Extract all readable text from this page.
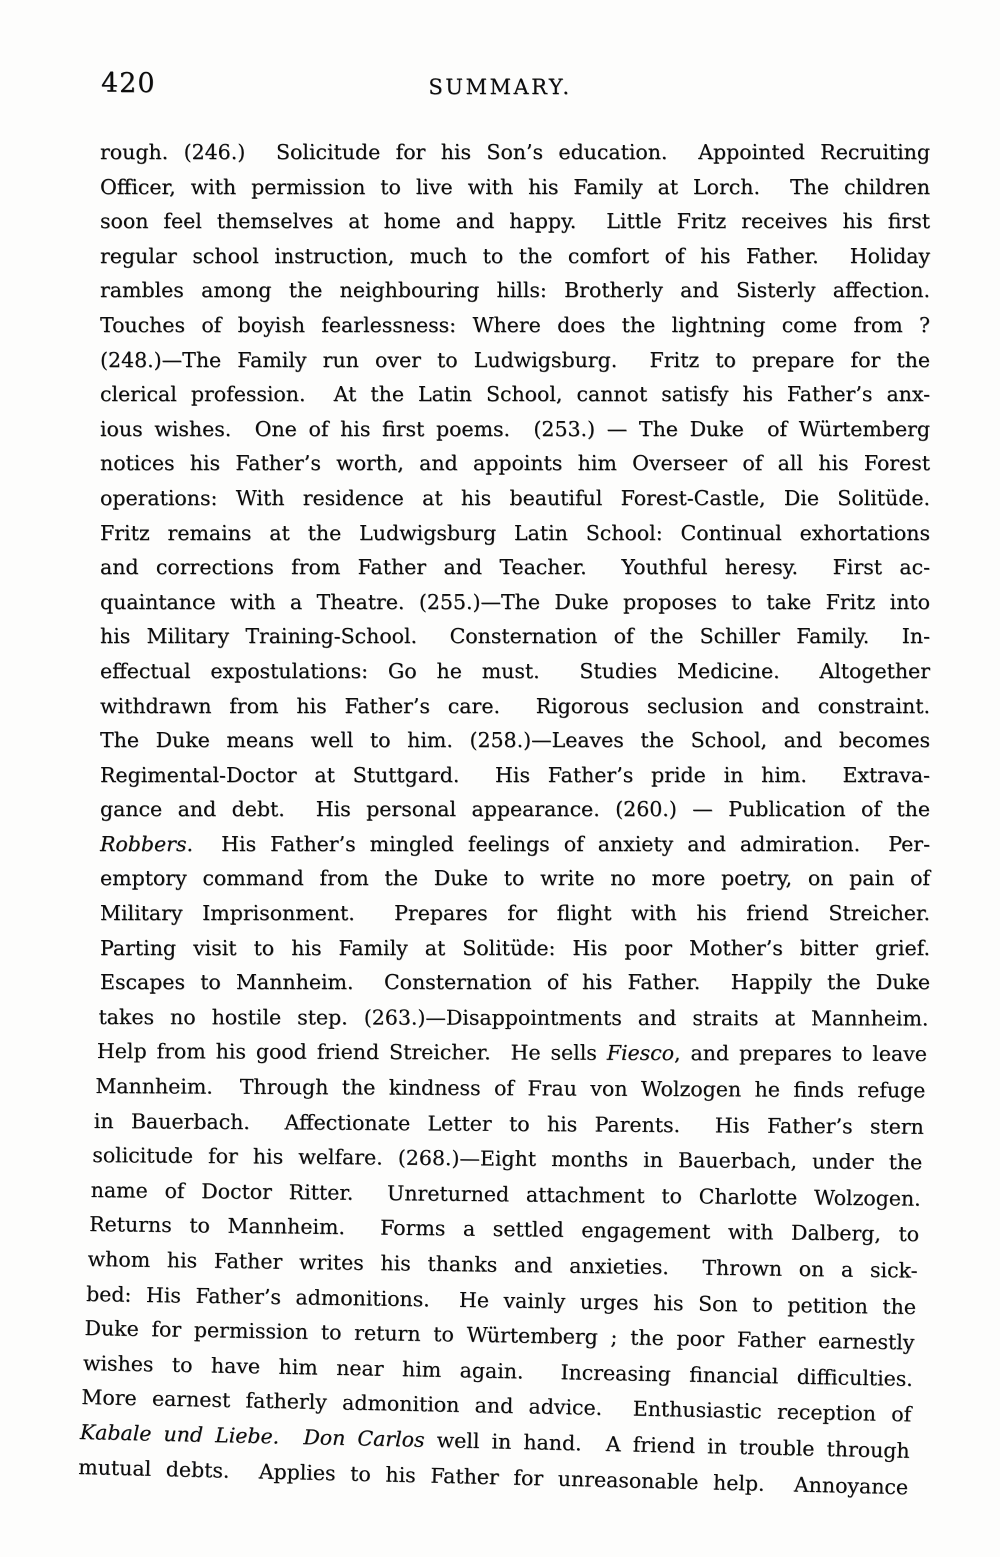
420	SUMMARY.
rough. (246.)  Solicitude for his Son’s education.  Appointed Recruiting
Officer, with permission to live with his Family at Lorch.  The children
soon feel themselves at home and happy.  Little Fritz receives his first
regular school instruction, much to the comfort of his Father.  Holiday
rambles among the neighbouring hills: Brotherly and Sisterly affection.
Touches of boyish fearlessness: Where does the lightning come from ?
(248.)—The Family run over to Ludwigsburg.  Fritz to prepare for the
clerical profession.  At the Latin School, cannot satisfy his Father’s anx-
ious wishes.  One of his first poems.  (253.) — The Duke  of Würtemberg
notices his Father’s worth, and appoints him Overseer of all his Forest
operations: With residence at his beautiful Forest-Castle, Die Solitüde.
Fritz remains at the Ludwigsburg Latin School: Continual exhortations
and corrections from Father and Teacher.  Youthful heresy.  First ac-
quaintance with a Theatre. (255.)—The Duke proposes to take Fritz into
his Military Training-School.  Consternation of the Schiller Family.  In-
effectual expostulations: Go he must.  Studies Medicine.  Altogether
withdrawn from his Father’s care.  Rigorous seclusion and constraint.
The Duke means well to him. (258.)—Leaves the School, and becomes
Regimental-Doctor at Stuttgard.  His Father’s pride in him.  Extrava-
gance and debt.  His personal appearance. (260.) — Publication of the
Robbers.  His Father’s mingled feelings of anxiety and admiration.  Per-
emptory command from the Duke to write no more poetry, on pain of
Military Imprisonment.  Prepares for flight with his friend Streicher.
Parting visit to his Family at Solitüde: His poor Mother’s bitter grief.
Escapes to Mannheim.  Consternation of his Father.  Happily the Duke
takes no hostile step. (263.)—Disappointments and straits at Mannheim.
Help from his good friend Streicher.  He sells Fiesco, and prepares to leave
Mannheim.  Through the kindness of Frau von Wolzogen he finds refuge
in Bauerbach.  Affectionate Letter to his Parents.  His Father’s stern
solicitude for his welfare. (268.)—Eight months in Bauerbach, under the
name of Doctor Ritter.  Unreturned attachment to Charlotte Wolzogen.
Returns to Mannheim.  Forms a settled engagement with Dalberg, to
whom his Father writes his thanks and anxieties.  Thrown on a sick-
bed: His Father’s admonitions.  He vainly urges his Son to petition the
Duke for permission to return to Würtemberg ; the poor Father earnestly
wishes to have him near him again.  Increasing financial difficulties.
More earnest fatherly admonition and advice.  Enthusiastic reception of
Kabale und Liebe. Don Carlos well in hand.  A friend in trouble through
mutual debts.  Applies to his Father for unreasonable help.  Annoyance
